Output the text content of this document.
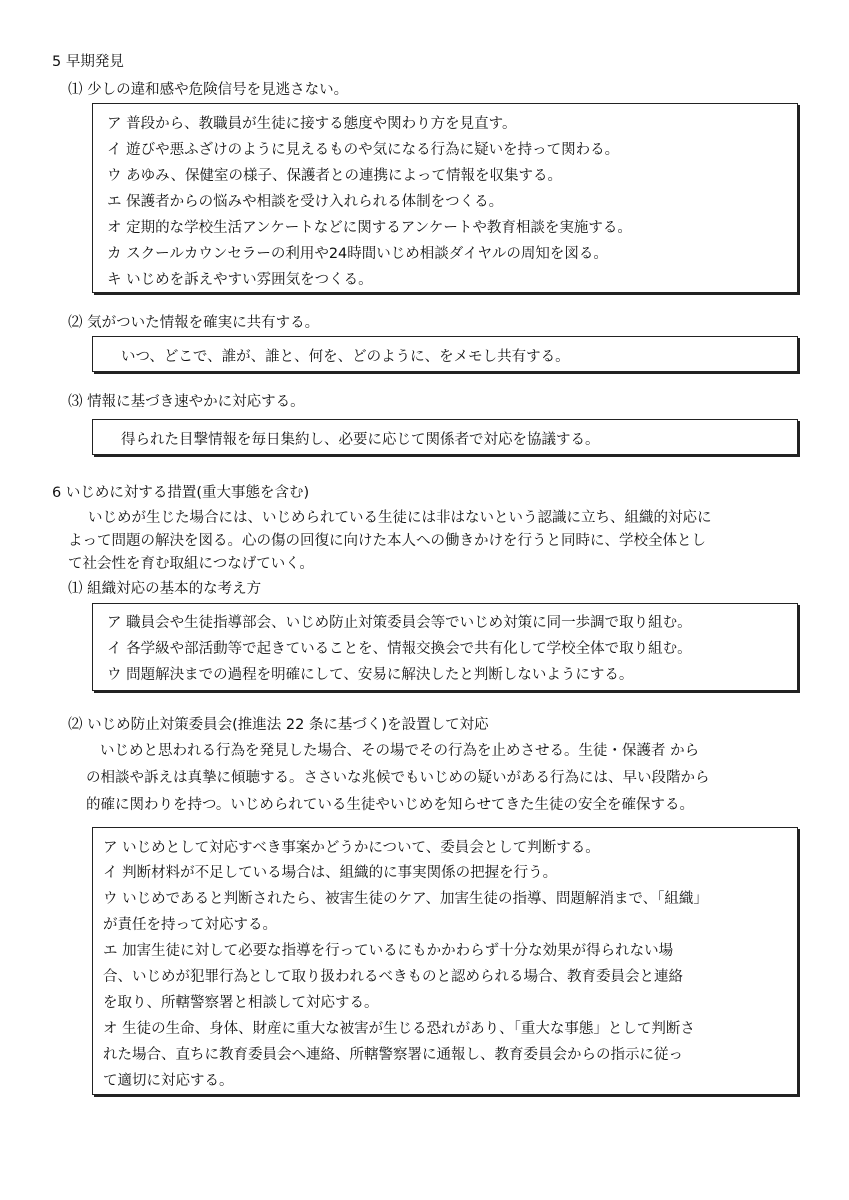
5 早期発見
⑴ 少しの違和感や危険信号を見逃さない。
ア 普段から、教職員が生徒に接する態度や関わり方を見直す。
イ 遊びや悪ふざけのように見えるものや気になる行為に疑いを持って関わる。
ウ あゆみ、保健室の様子、保護者との連携によって情報を収集する。
エ 保護者からの悩みや相談を受け入れられる体制をつくる。
オ 定期的な学校生活アンケートなどに関するアンケートや教育相談を実施する。
カ スクールカウンセラーの利用や24時間いじめ相談ダイヤルの周知を図る。
キ いじめを訴えやすい雰囲気をつくる。
⑵ 気がついた情報を確実に共有する。
いつ、どこで、誰が、誰と、何を、どのように、をメモし共有する。
⑶ 情報に基づき速やかに対応する。
得られた目撃情報を毎日集約し、必要に応じて関係者で対応を協議する。
6 いじめに対する措置(重大事態を含む)
いじめが生じた場合には、いじめられている生徒には非はないという認識に立ち、組織的対応に
よって問題の解決を図る。心の傷の回復に向けた本人への働きかけを行うと同時に、学校全体とし
て社会性を育む取組につなげていく。
⑴ 組織対応の基本的な考え方
ア 職員会や生徒指導部会、いじめ防止対策委員会等でいじめ対策に同一歩調で取り組む。
イ 各学級や部活動等で起きていることを、情報交換会で共有化して学校全体で取り組む。
ウ 問題解決までの過程を明確にして、安易に解決したと判断しないようにする。
⑵ いじめ防止対策委員会(推進法 22 条に基づく)を設置して対応
いじめと思われる行為を発見した場合、その場でその行為を止めさせる。生徒・保護者 から
の相談や訴えは真摯に傾聴する。ささいな兆候でもいじめの疑いがある行為には、早い段階から
的確に関わりを持つ。いじめられている生徒やいじめを知らせてきた生徒の安全を確保する。
ア いじめとして対応すべき事案かどうかについて、委員会として判断する。
イ 判断材料が不足している場合は、組織的に事実関係の把握を行う。
ウ いじめであると判断されたら、被害生徒のケア、加害生徒の指導、問題解消まで、「組織」
が責任を持って対応する。
エ 加害生徒に対して必要な指導を行っているにもかかわらず十分な効果が得られない場
合、いじめが犯罪行為として取り扱われるべきものと認められる場合、教育委員会と連絡
を取り、所轄警察署と相談して対応する。
オ 生徒の生命、身体、財産に重大な被害が生じる恐れがあり、「重大な事態」として判断さ
れた場合、直ちに教育委員会へ連絡、所轄警察署に通報し、教育委員会からの指示に従っ
て適切に対応する。
